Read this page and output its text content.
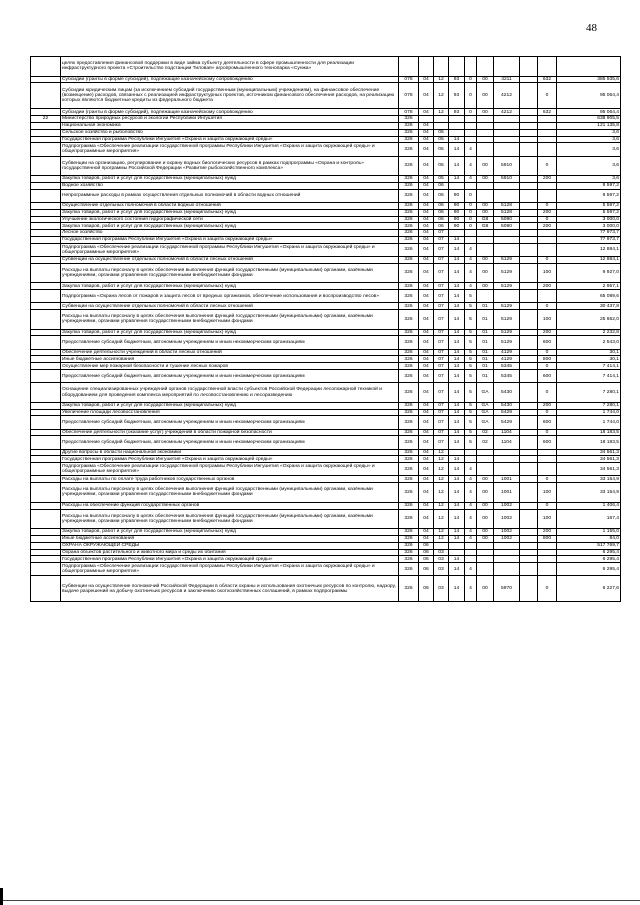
48
	целях предоставления финансовой поддержки в виде займа субъекту деятельности в сфере промышленности для реализации инфраструктурного проекта «Строительство подстанции Тиловая» агропромышленного технопарка «Сунжа»										
	Субсидии (гранты в форме субсидий), подлежащие казначейскому сопровождению	078	04	12	93	0	00	4211		632	385 935,6
	Субсидии юридическим лицам (за исключением субсидий государственным (муниципальным) учреждениям), на финансовое обеспечение (возмещение) расходов, связанных с реализацией инфраструктурных проектов, источником финансового обеспечения расходов, на реализацию которых являются бюджетные кредиты из федерального бюджета	078	04	12	93	0	00	4212		0	95 064,4
	Субсидии (гранты в форме субсидий), подлежащие казначейскому сопровождению	078	04	12	93	0	00	4212		632	95 064,4
22	Министерство природных ресурсов и экологии Республики Ингушетия	326									638 905,5
	Национальная экономика	326	04								121 135,8
	Сельское хозяйство и рыболовство	326	04	05							3,6
	Государственная программа Республики Ингушетия «Охрана и защита окружающей среды»	326	04	05	14						3,6
	Подпрограмма «Обеспечение реализации государственной программы Республики Ингушетия «Охрана и защита окружающей среды» и общепрограммные мероприятия»	326	04	05	14	4					3,6
	Субвенции на организацию, регулирование и охрану водных биологических ресурсов в рамках подпрограммы «Охрана и контроль» государственной программы Российской Федерации «Развитие рыбохозяйственного комплекса»	326	04	05	14	4	00	5910		0	3,6
	Закупка товаров, работ и услуг для государственных (муниципальных) нужд	326	04	05	14	4	00	5910		200	3,6
	Водное хозяйство	326	04	06							8 597,2
	Непрограммные расходы в рамках осуществления отдельных полномочий в области водных отношений	326	04	06	90	0					8 597,2
	Осуществление отдельных полномочий в области водных отношений	326	04	06	90	0	00	5128		0	5 597,2
	Закупка товаров, работ и услуг для государственных (муниципальных) нужд	326	04	06	90	0	00	5128		200	5 597,2
	Улучшение экологического состояния гидрографической сети	326	04	06	90	0	G8	5090		0	3 000,0
	Закупка товаров, работ и услуг для государственных (муниципальных) нужд	326	04	06	90	0	G8	5090		200	3 000,0
	Лесное хозяйство	326	04	07							77 973,7
	Государственная программа Республики Ингушетия «Охрана и защита окружающей среды»	326	04	07	14						77 973,7
	Подпрограмма «Обеспечение реализации государственной программы Республики Ингушетия «Охрана и защита окружающей среды» и общепрограммные мероприятия»	326	04	07	14	4					12 884,1
	Субвенции на осуществление отдельных полномочий в области лесных отношений	326	04	07	14	4	00	5129		0	12 884,1
	Расходы на выплаты персоналу в целях обеспечения выполнения функций государственными (муниципальными) органами, казёнными учреждениями, органами управления государственными внебюджетными фондами	326	04	07	14	4	00	5129		100	9 927,0
	Закупка товаров, работ и услуг для государственных (муниципальных) нужд	326	04	07	14	4	00	5129		200	2 957,1
	Подпрограмма «Охрана лесов от пожаров и защита лесов от вредных организмов, обеспечение использования и воспроизводство лесов»	326	04	07	14	5					65 089,6
	Субвенции на осуществление отдельных полномочий в области лесных отношений	326	04	07	14	5	01	5129		0	30 437,8
	Расходы на выплаты персоналу в целях обеспечения выполнения функций государственными (муниципальными) органами, казёнными учреждениями, органами управления государственными внебюджетными фондами	326	04	07	14	5	01	5129		100	25 662,0
	Закупка товаров, работ и услуг для государственных (муниципальных) нужд	326	04	07	14	5	01	5129		200	2 232,8
	Предоставление субсидий бюджетным, автономным учреждениям и иным некоммерческим организациям	326	04	07	14	5	01	5129		600	2 543,0
	Обеспечение деятельности учреждений в области лесных отношений	326	04	07	14	5	01	4129		0	30,1
	Иные бюджетные ассигнования	326	04	07	14	5	01	4129		800	30,1
	Осуществление мер пожарной безопасности и тушение лесных пожаров	326	04	07	14	5	01	5345		0	7 414,1
	Предоставление субсидий бюджетным, автономным учреждениям и иным некоммерческим организациям	326	04	07	14	5	01	5345		600	7 414,1
	Оснащение специализированных учреждений органов государственной власти субъектов Российской Федерации лесопожарной техникой и оборудованием для проведения комплекса мероприятий по лесовосстановлению и лесоразведению	326	04	07	14	5	GA	5430		0	7 280,1
	Закупка товаров, работ и услуг для государственных (муниципальных) нужд	326	04	07	14	5	GA	5430		200	7 280,1
	Увеличение площади лесовосстановления	326	04	07	14	5	GA	5429		0	1 744,0
	Предоставление субсидий бюджетным, автономным учреждениям и иным некоммерческим организациям	326	04	07	14	5	GA	5429		600	1 744,0
	Обеспечение деятельности (оказание услуг) учреждений в области пожарной безопасности	326	04	07	14	5	02	1104		0	18 183,5
	Предоставление субсидий бюджетным, автономным учреждениям и иным некоммерческим организациям	326	04	07	14	5	02	1104		600	18 183,5
	Другие вопросы в области национальной экономики	326	04	12							34 561,3
	Государственная программа Республики Ингушетия «Охрана и защита окружающей среды»	326	04	12	14						34 561,3
	Подпрограмма «Обеспечение реализации государственной программы Республики Ингушетия «Охрана и защита окружающей среды» и общепрограммные мероприятия»	326	04	12	14	4					34 561,3
	Расходы на выплаты по оплате труда работников государственных органов	326	04	12	14	4	00	1001		0	33 154,9
	Расходы на выплаты персоналу в целях обеспечения выполнения функций государственными (муниципальными) органами, казёнными учреждениями, органами управления государственными внебюджетными фондами	326	04	12	14	4	00	1001		100	33 154,9
	Расходы на обеспечение функций государственных органов	326	04	12	14	4	00	1002		0	1 406,4
	Расходы на выплаты персоналу в целях обеспечения выполнения функций государственными (муниципальными) органами, казёнными учреждениями, органами управления государственными внебюджетными фондами	326	04	12	14	4	00	1002		100	167,4
	Закупка товаров, работ и услуг для государственных (муниципальных) нужд	326	04	12	14	4	00	1002		200	1 155,0
	Иные бюджетные ассигнования	326	04	12	14	4	00	1002		800	84,0
	ОХРАНА ОКРУЖАЮЩЕЙ СРЕДЫ	326	06								517 769,7
	Охрана объектов растительного и животного мира и среды их обитания	326	06	03							6 295,4
	Государственная программа Республики Ингушетия «Охрана и защита окружающей среды»	326	06	03	14						6 295,4
	Подпрограмма «Обеспечение реализации государственной программы Республики Ингушетия «Охрана и защита окружающей среды» и общепрограммные мероприятия»	326	06	03	14	4					6 295,4
	Субвенции на осуществление полномочий Российской Федерации в области охраны и использования охотничьих ресурсов по контролю, надзору, выдаче разрешений на добычу охотничьих ресурсов и заключению охотхозяйственных соглашений, в рамках подпрограммы	326	06	03	14	4	00	5970		0	6 227,6
